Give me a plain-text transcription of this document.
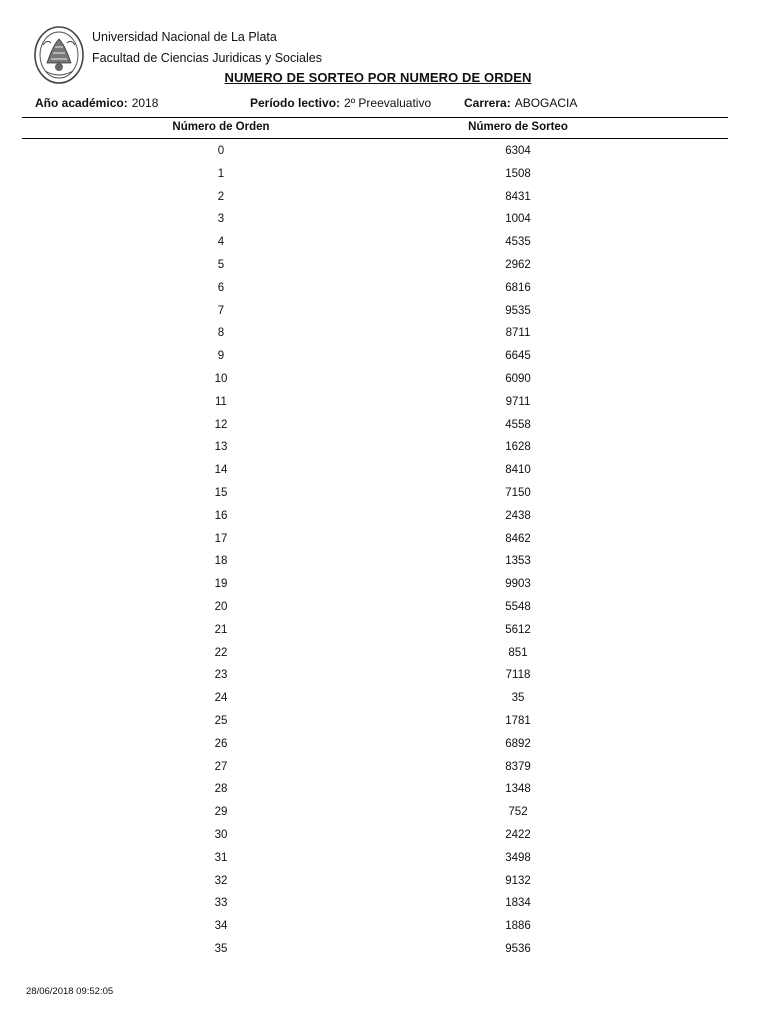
Universidad Nacional de La Plata
Facultad de Ciencias Juridicas y Sociales
NUMERO DE SORTEO POR NUMERO DE ORDEN
Año académico: 2018	Período lectivo: 2º Preevaluativo	Carrera: ABOGACIA
Número de Orden	Número de Sorteo
0	6304
1	1508
2	8431
3	1004
4	4535
5	2962
6	6816
7	9535
8	8711
9	6645
10	6090
11	9711
12	4558
13	1628
14	8410
15	7150
16	2438
17	8462
18	1353
19	9903
20	5548
21	5612
22	851
23	7118
24	35
25	1781
26	6892
27	8379
28	1348
29	752
30	2422
31	3498
32	9132
33	1834
34	1886
35	9536
28/06/2018 09:52:05
